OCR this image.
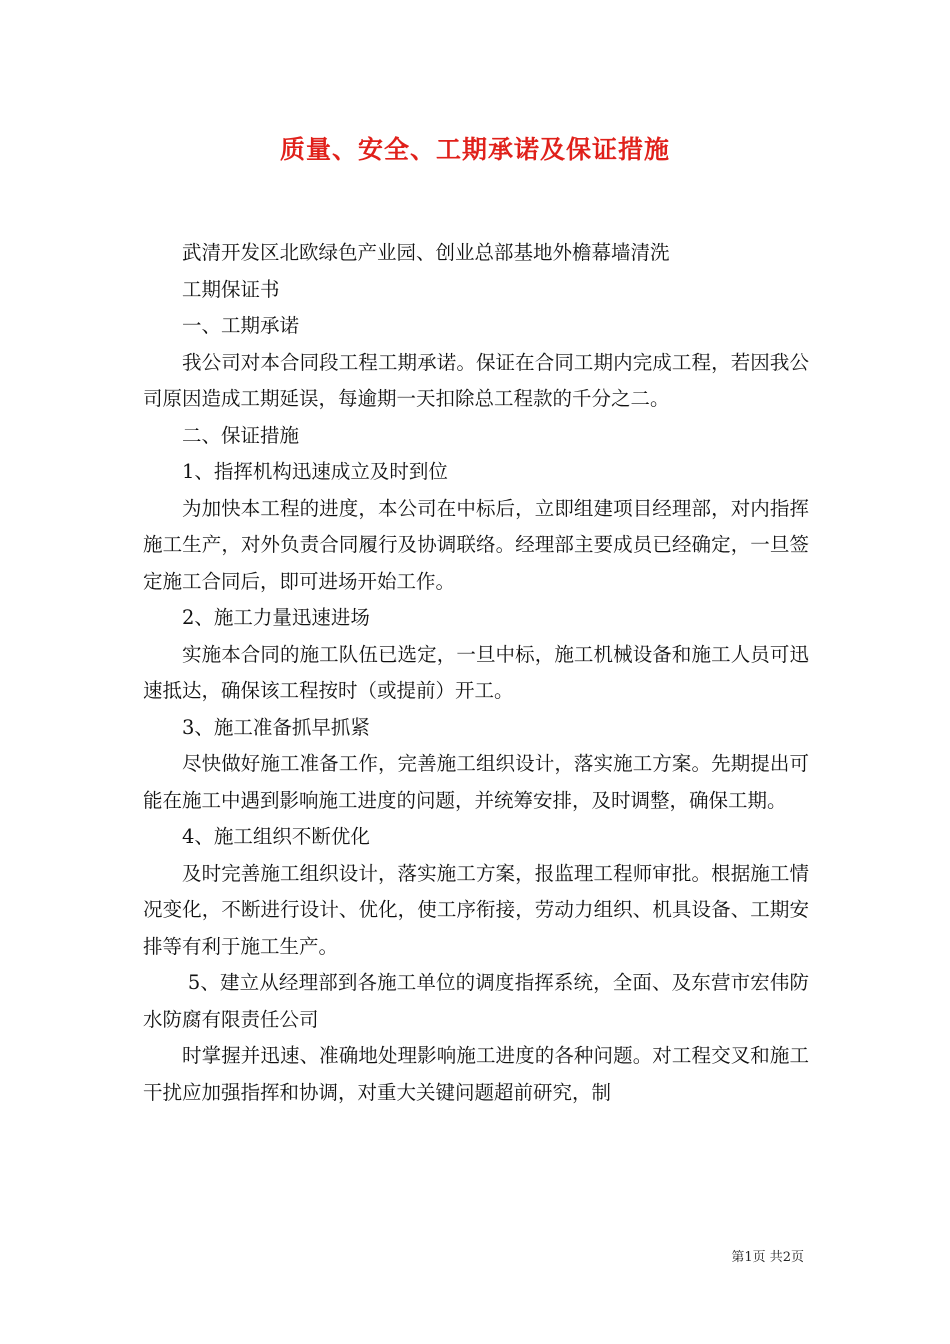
质量、安全、工期承诺及保证措施

武清开发区北欧绿色产业园、创业总部基地外檐幕墙清洗

工期保证书

一、工期承诺

我公司对本合同段工程工期承诺。保证在合同工期内完成工程，若因我公司原因造成工期延误，每逾期一天扣除总工程款的千分之二。

二、保证措施

1、指挥机构迅速成立及时到位

为加快本工程的进度，本公司在中标后，立即组建项目经理部，对内指挥施工生产，对外负责合同履行及协调联络。经理部主要成员已经确定，一旦签定施工合同后，即可进场开始工作。

2、施工力量迅速进场

实施本合同的施工队伍已选定，一旦中标，施工机械设备和施工人员可迅速抵达，确保该工程按时（或提前）开工。

3、施工准备抓早抓紧

尽快做好施工准备工作，完善施工组织设计，落实施工方案。先期提出可能在施工中遇到影响施工进度的问题，并统筹安排，及时调整，确保工期。

4、施工组织不断优化

及时完善施工组织设计，落实施工方案，报监理工程师审批。根据施工情况变化，不断进行设计、优化，使工序衔接，劳动力组织、机具设备、工期安排等有利于施工生产。

5、建立从经理部到各施工单位的调度指挥系统，全面、及东营市宏伟防水防腐有限责任公司

时掌握并迅速、准确地处理影响施工进度的各种问题。对工程交叉和施工干扰应加强指挥和协调，对重大关键问题超前研究，制

第1页 共2页
